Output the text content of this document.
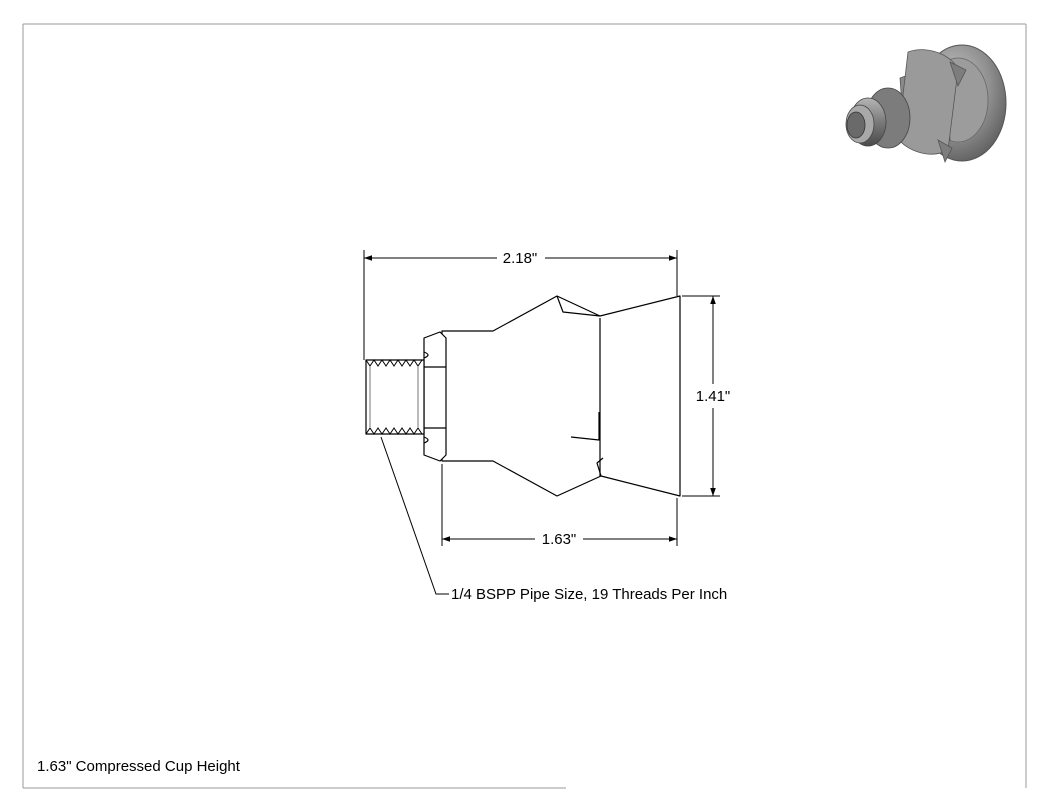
2.18"
1.41"
1.63"
1/4 BSPP Pipe Size, 19 Threads Per Inch
1.63" Compressed Cup Height
